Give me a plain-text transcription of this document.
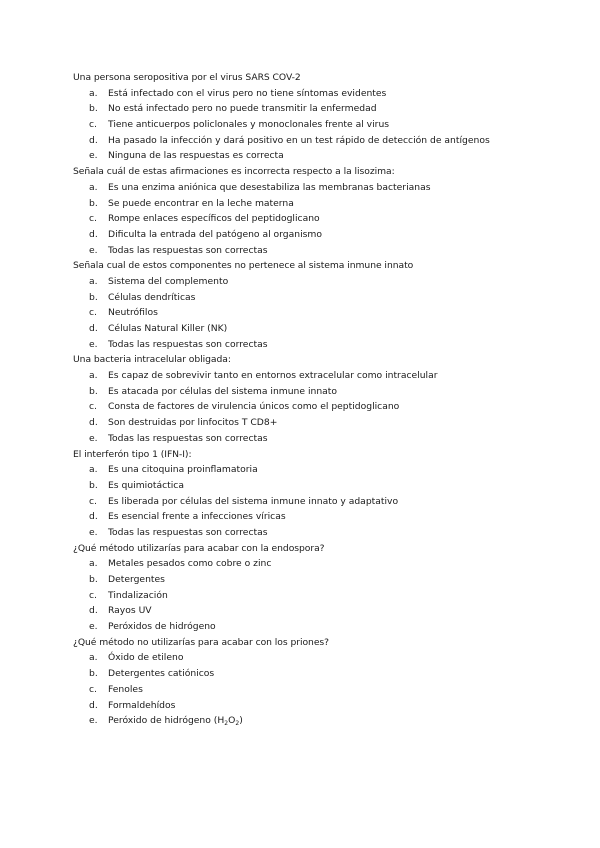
Una persona seropositiva por el virus SARS COV-2
a.	Está infectado con el virus pero no tiene síntomas evidentes
b.	No está infectado pero no puede transmitir la enfermedad
c.	Tiene anticuerpos policlonales y monoclonales frente al virus
d.	Ha pasado la infección y dará positivo en un test rápido de detección de antígenos
e.	Ninguna de las respuestas es correcta
Señala cuál de estas afirmaciones es incorrecta respecto a la lisozima:
a.	Es una enzima aniónica que desestabiliza las membranas bacterianas
b.	Se puede encontrar en la leche materna
c.	Rompe enlaces específicos del peptidoglicano
d.	Dificulta la entrada del patógeno al organismo
e.	Todas las respuestas son correctas
Señala cual de estos componentes no pertenece al sistema inmune innato
a.	Sistema del complemento
b.	Células dendríticas
c.	Neutrófilos
d.	Células Natural Killer (NK)
e.	Todas las respuestas son correctas
Una bacteria intracelular obligada:
a.	Es capaz de sobrevivir tanto en entornos extracelular como intracelular
b.	Es atacada por células del sistema inmune innato
c.	Consta de factores de virulencia únicos como el peptidoglicano
d.	Son destruidas por linfocitos T CD8+
e.	Todas las respuestas son correctas
El interferón tipo 1 (IFN-I):
a.	Es una citoquina proinflamatoria
b.	Es quimiotáctica
c.	Es liberada por células del sistema inmune innato y adaptativo
d.	Es esencial frente a infecciones víricas
e.	Todas las respuestas son correctas
¿Qué método utilizarías para acabar con la endospora?
a.	Metales pesados como cobre o zinc
b.	Detergentes
c.	Tindalización
d.	Rayos UV
e.	Peróxidos de hidrógeno
¿Qué método no utilizarías para acabar con los priones?
a.	Óxido de etileno
b.	Detergentes catiónicos
c.	Fenoles
d.	Formaldehídos
e.	Peróxido de hidrógeno $(H_2O_2)$
